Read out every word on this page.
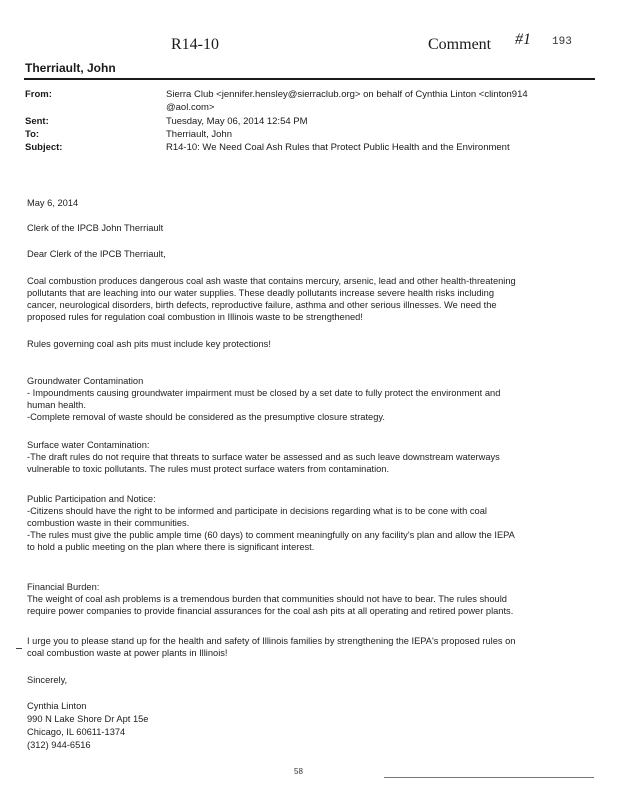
R14-10	Comment #1 193
Therriault, John
From:	Sierra Club <jennifer.hensley@sierraclub.org> on behalf of Cynthia Linton <clinton914
@aol.com>
Sent:	Tuesday, May 06, 2014 12:54 PM
To:	Therriault, John
Subject:	R14-10: We Need Coal Ash Rules that Protect Public Health and the Environment

May 6, 2014

Clerk of the IPCB John Therriault

Dear Clerk of the IPCB Therriault,

Coal combustion produces dangerous coal ash waste that contains mercury, arsenic, lead and other health-threatening
pollutants that are leaching into our water supplies. These deadly pollutants increase severe health risks including
cancer, neurological disorders, birth defects, reproductive failure, asthma and other serious illnesses. We need the
proposed rules for regulation coal combustion in Illinois waste to be strengthened!

Rules governing coal ash pits must include key protections!

Groundwater Contamination
- Impoundments causing groundwater impairment must be closed by a set date to fully protect the environment and
human health.
-Complete removal of waste should be considered as the presumptive closure strategy.

Surface water Contamination:
-The draft rules do not require that threats to surface water be assessed and as such leave downstream waterways
vulnerable to toxic pollutants. The rules must protect surface waters from contamination.

Public Participation and Notice:
-Citizens should have the right to be informed and participate in decisions regarding what is to be cone with coal
combustion waste in their communities.
-The rules must give the public ample time (60 days) to comment meaningfully on any facility's plan and allow the IEPA
to hold a public meeting on the plan where there is significant interest.

Financial Burden:
The weight of coal ash problems is a tremendous burden that communities should not have to bear. The rules should
require power companies to provide financial assurances for the coal ash pits at all operating and retired power plants.

I urge you to please stand up for the health and safety of Illinois families by strengthening the IEPA's proposed rules on
coal combustion waste at power plants in Illinois!

Sincerely,

Cynthia Linton
990 N Lake Shore Dr Apt 15e
Chicago, IL 60611-1374
(312) 944-6516

58
